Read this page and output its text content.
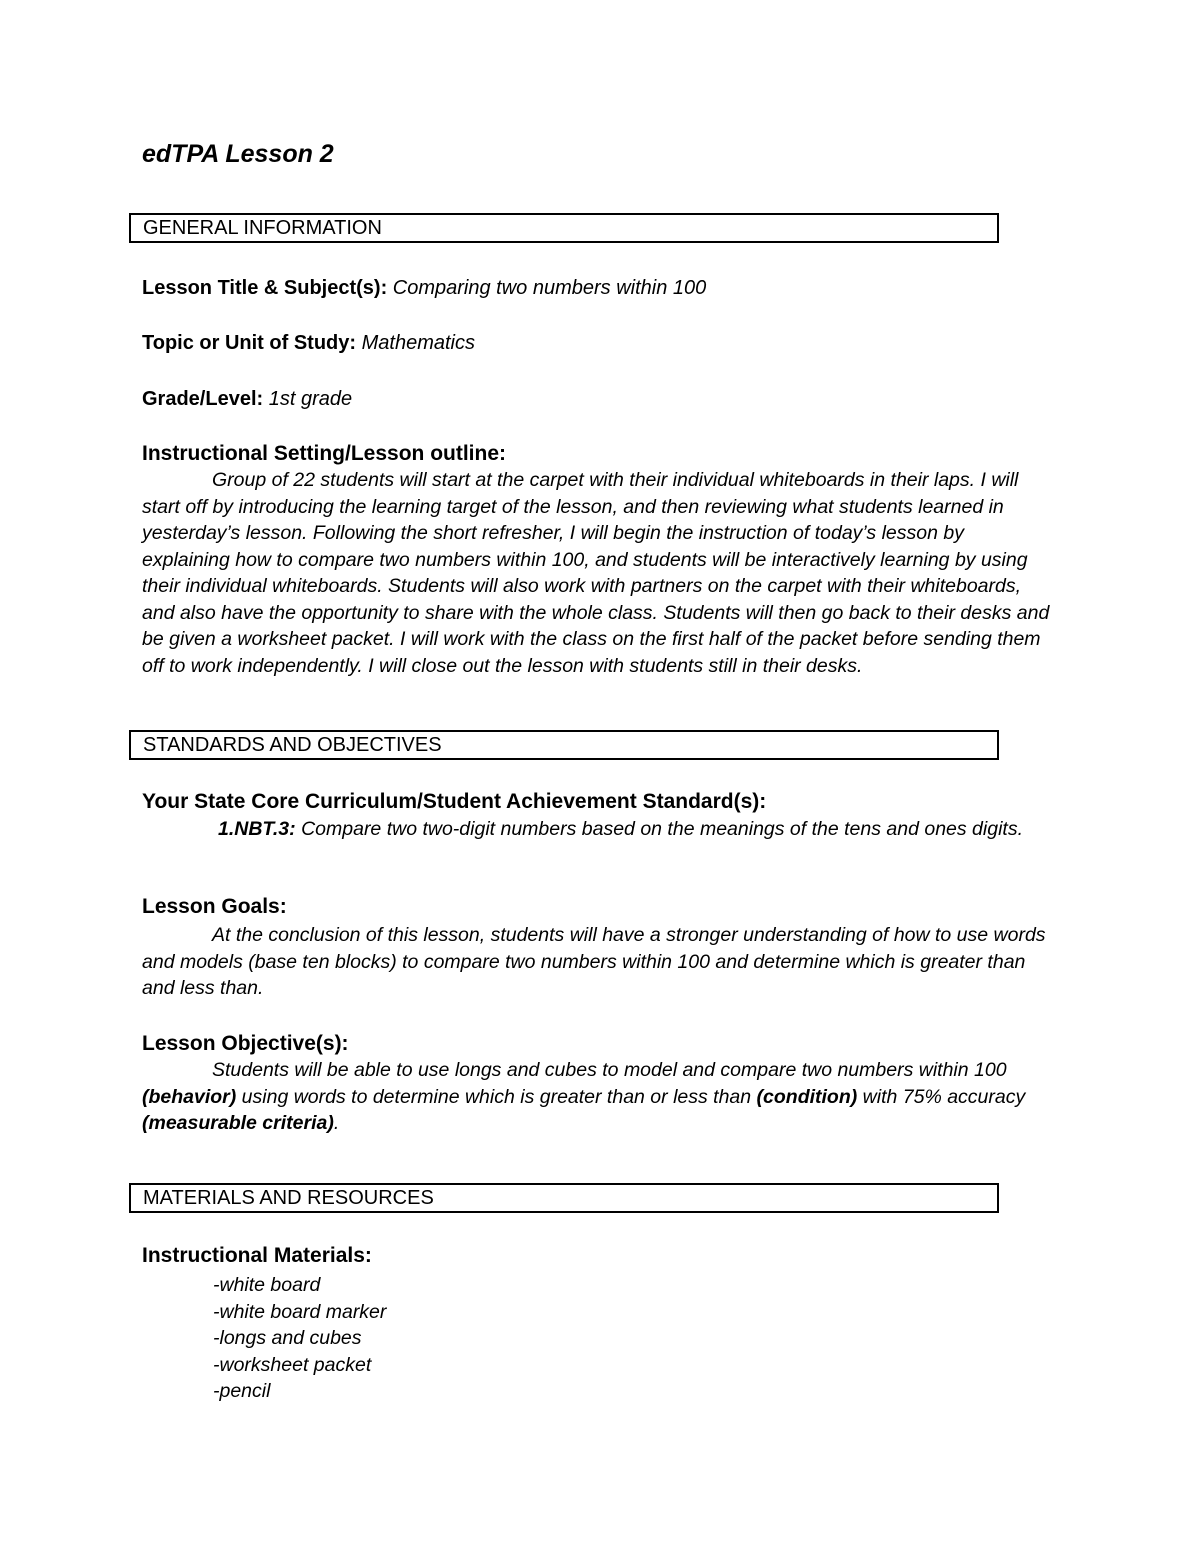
edTPA Lesson 2
GENERAL INFORMATION
Lesson Title & Subject(s): Comparing two numbers within 100
Topic or Unit of Study: Mathematics
Grade/Level: 1st grade
Instructional Setting/Lesson outline:

Group of 22 students will start at the carpet with their individual whiteboards in their laps. I will start off by introducing the learning target of the lesson, and then reviewing what students learned in yesterday’s lesson. Following the short refresher, I will begin the instruction of today’s lesson by explaining how to compare two numbers within 100, and students will be interactively learning by using their individual whiteboards. Students will also work with partners on the carpet with their whiteboards, and also have the opportunity to share with the whole class. Students will then go back to their desks and be given a worksheet packet. I will work with the class on the first half of the packet before sending them off to work independently. I will close out the lesson with students still in their desks.

STANDARDS AND OBJECTIVES
Your State Core Curriculum/Student Achievement Standard(s):

1.NBT.3: Compare two two-digit numbers based on the meanings of the tens and ones digits.

Lesson Goals:

At the conclusion of this lesson, students will have a stronger understanding of how to use words and models (base ten blocks) to compare two numbers within 100 and determine which is greater than and less than.

Lesson Objective(s):

Students will be able to use longs and cubes to model and compare two numbers within 100 (behavior) using words to determine which is greater than or less than (condition) with 75% accuracy (measurable criteria).

MATERIALS AND RESOURCES
Instructional Materials:
-white board
-white board marker
-longs and cubes
-worksheet packet
-pencil
